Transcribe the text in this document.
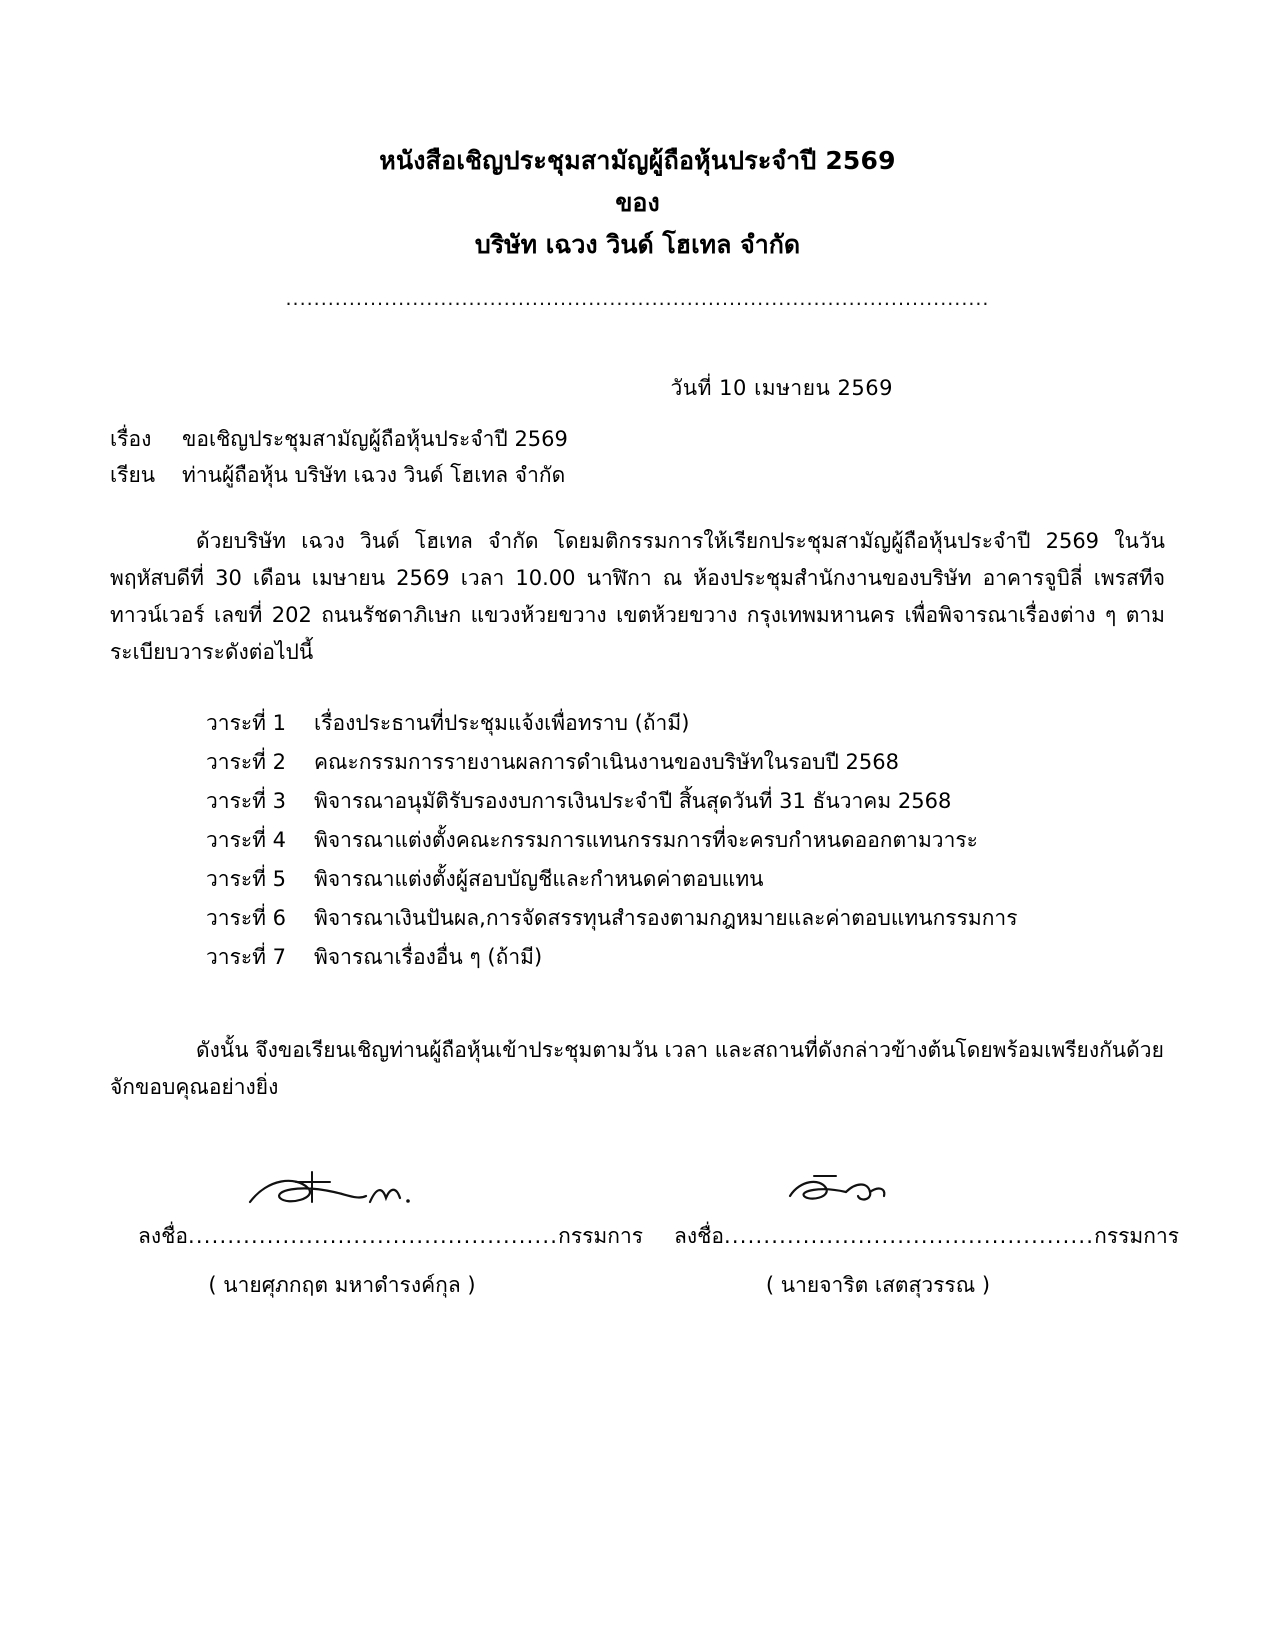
หนังสือเชิญประชุมสามัญผู้ถือหุ้นประจำปี 2569
ของ
บริษัท เฉวง วินด์ โฮเทล จำกัด
....................................................................................................
วันที่ 10 เมษายน 2569
เรื่อง	ขอเชิญประชุมสามัญผู้ถือหุ้นประจำปี 2569
เรียน	ท่านผู้ถือหุ้น บริษัท เฉวง วินด์ โฮเทล จำกัด
ด้วยบริษัท เฉวง วินด์ โฮเทล จำกัด โดยมติกรรมการให้เรียกประชุมสามัญผู้ถือหุ้นประจำปี 2569 ในวันพฤหัสบดีที่ 30 เดือน เมษายน 2569 เวลา 10.00 นาฬิกา ณ ห้องประชุมสำนักงานของบริษัท อาคารจูบิลี่ เพรสทีจ ทาวน์เวอร์ เลขที่ 202 ถนนรัชดาภิเษก แขวงห้วยขวาง เขตห้วยขวาง กรุงเทพมหานคร เพื่อพิจารณาเรื่องต่าง ๆ ตามระเบียบวาระดังต่อไปนี้
วาระที่ 1	เรื่องประธานที่ประชุมแจ้งเพื่อทราบ (ถ้ามี)
วาระที่ 2	คณะกรรมการรายงานผลการดำเนินงานของบริษัทในรอบปี 2568
วาระที่ 3	พิจารณาอนุมัติรับรองงบการเงินประจำปี สิ้นสุดวันที่ 31 ธันวาคม 2568
วาระที่ 4	พิจารณาแต่งตั้งคณะกรรมการแทนกรรมการที่จะครบกำหนดออกตามวาระ
วาระที่ 5	พิจารณาแต่งตั้งผู้สอบบัญชีและกำหนดค่าตอบแทน
วาระที่ 6	พิจารณาเงินปันผล,การจัดสรรทุนสำรองตามกฎหมายและค่าตอบแทนกรรมการ
วาระที่ 7	พิจารณาเรื่องอื่น ๆ (ถ้ามี)
ดังนั้น จึงขอเรียนเชิญท่านผู้ถือหุ้นเข้าประชุมตามวัน เวลา และสถานที่ดังกล่าวข้างต้นโดยพร้อมเพรียงกันด้วย จักขอบคุณอย่างยิ่ง
ลงชื่อ...............................................กรรมการ
( นายศุภกฤต มหาดำรงค์กุล )
ลงชื่อ...............................................กรรมการ
( นายจาริต เสตสุวรรณ )
